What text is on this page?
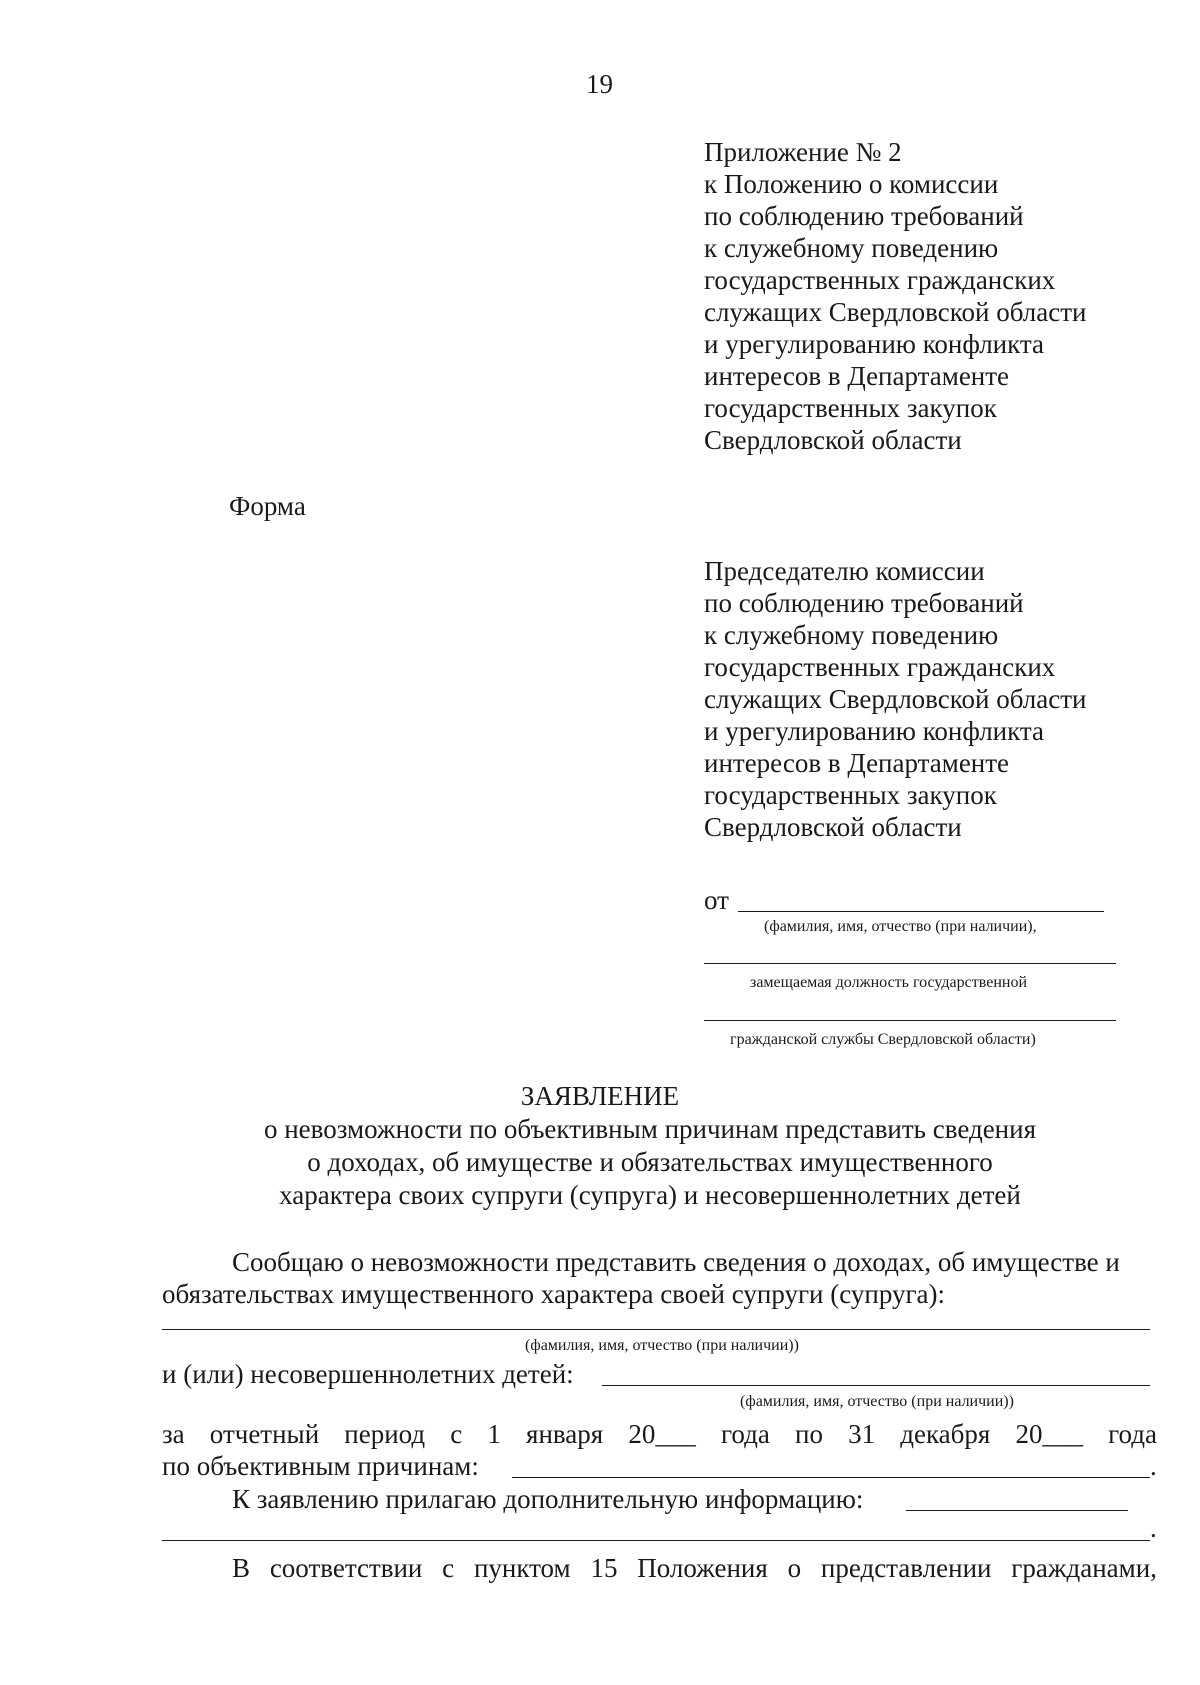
19
Приложение № 2
к Положению о комиссии
по соблюдению требований
к служебному поведению
государственных гражданских
служащих Свердловской области
и урегулированию конфликта
интересов в Департаменте
государственных закупок
Свердловской области
Форма
Председателю комиссии
по соблюдению требований
к служебному поведению
государственных гражданских
служащих Свердловской области
и урегулированию конфликта
интересов в Департаменте
государственных закупок
Свердловской области
от
(фамилия, имя, отчество (при наличии),
замещаемая должность государственной
гражданской службы Свердловской области)
ЗАЯВЛЕНИЕ
о невозможности по объективным причинам представить сведения
о доходах, об имуществе и обязательствах имущественного
характера своих супруги (супруга) и несовершеннолетних детей
Сообщаю о невозможности представить сведения о доходах, об имуществе и
обязательствах имущественного характера своей супруги (супруга):
(фамилия, имя, отчество (при наличии))
и (или) несовершеннолетних детей:
(фамилия, имя, отчество (при наличии))
за отчетный период с 1 января 20___ года по 31 декабря 20___ года
по объективным причинам:	.
К заявлению прилагаю дополнительную информацию:
.
В соответствии с пунктом 15 Положения о представлении гражданами,
